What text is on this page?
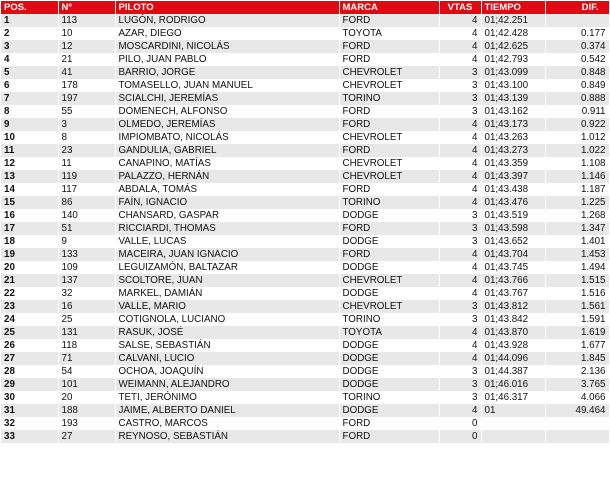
POS.	Nº	PILOTO	MARCA	VTAS	TIEMPO	DIF.
1	113	LUGÓN, RODRIGO	FORD	4	01;42.251	
2	10	AZAR, DIEGO	TOYOTA	4	01;42.428	0.177
3	12	MOSCARDINI, NICOLÁS	FORD	4	01;42.625	0.374
4	21	PILO, JUAN PABLO	FORD	4	01;42.793	0.542
5	41	BARRIO, JORGE	CHEVROLET	3	01;43.099	0.848
6	178	TOMASELLO, JUAN MANUEL	CHEVROLET	3	01;43.100	0.849
7	197	SCIALCHI, JEREMÍAS	TORINO	3	01;43.139	0.888
8	55	DOMENECH, ALFONSO	FORD	3	01;43.162	0.911
9	3	OLMEDO, JEREMÍAS	FORD	4	01;43.173	0.922
10	8	IMPIOMBATO, NICOLÁS	CHEVROLET	4	01;43.263	1.012
11	23	GANDULIA, GABRIEL	FORD	4	01;43.273	1.022
12	11	CANAPINO, MATÍAS	CHEVROLET	4	01;43.359	1.108
13	119	PALAZZO, HERNÁN	CHEVROLET	4	01;43.397	1.146
14	117	ABDALA, TOMÁS	FORD	4	01;43.438	1.187
15	86	FAÍN, IGNACIO	TORINO	4	01;43.476	1.225
16	140	CHANSARD, GASPAR	DODGE	3	01;43.519	1.268
17	51	RICCIARDI, THOMAS	FORD	3	01;43.598	1.347
18	9	VALLE, LUCAS	DODGE	3	01;43.652	1.401
19	133	MACEIRA, JUAN IGNACIO	FORD	4	01;43.704	1.453
20	109	LEGUIZAMÓN, BALTAZAR	DODGE	4	01;43.745	1.494
21	137	SCOLTORE, JUAN	CHEVROLET	4	01;43.766	1.515
22	32	MARKEL, DAMIÁN	DODGE	4	01;43.767	1.516
23	16	VALLE, MARIO	CHEVROLET	3	01;43.812	1.561
24	25	COTIGNOLA, LUCIANO	TORINO	3	01;43.842	1.591
25	131	RASUK, JOSÉ	TOYOTA	4	01;43.870	1.619
26	118	SALSE, SEBASTIÁN	DODGE	4	01;43.928	1.677
27	71	CALVANI, LUCIO	DODGE	4	01;44.096	1.845
28	54	OCHOA, JOAQUÍN	DODGE	3	01;44.387	2.136
29	101	WEIMANN, ALEJANDRO	DODGE	3	01;46.016	3.765
30	20	TETI, JERÓNIMO	TORINO	3	01;46.317	4.066
31	188	JAIME, ALBERTO DANIEL	DODGE	4	01	49.464
32	193	CASTRO, MARCOS	FORD	0		
33	27	REYNOSO, SEBASTIÁN	FORD	0		
